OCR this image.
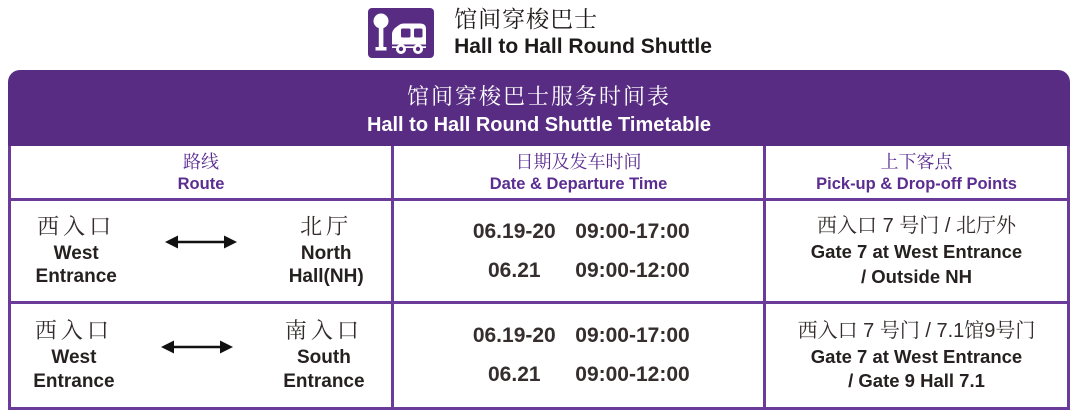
馆间穿梭巴士
Hall to Hall Round Shuttle
馆间穿梭巴士服务时间表
Hall to Hall Round Shuttle Timetable
路线
Route
日期及发车时间
Date & Departure Time
上下客点
Pick-up & Drop-off Points
西入口
West Entrance
北厅
North Hall(NH)
06.19-20 09:00-17:00
06.21	09:00-12:00
西入口 7 号门 / 北厅外
Gate 7 at West Entrance
/ Outside NH
西入口
West Entrance
南入口
South Entrance
06.19-20 09:00-17:00
06.21	09:00-12:00
西入口 7 号门 / 7.1馆9号门
Gate 7 at West Entrance
/ Gate 9 Hall 7.1
